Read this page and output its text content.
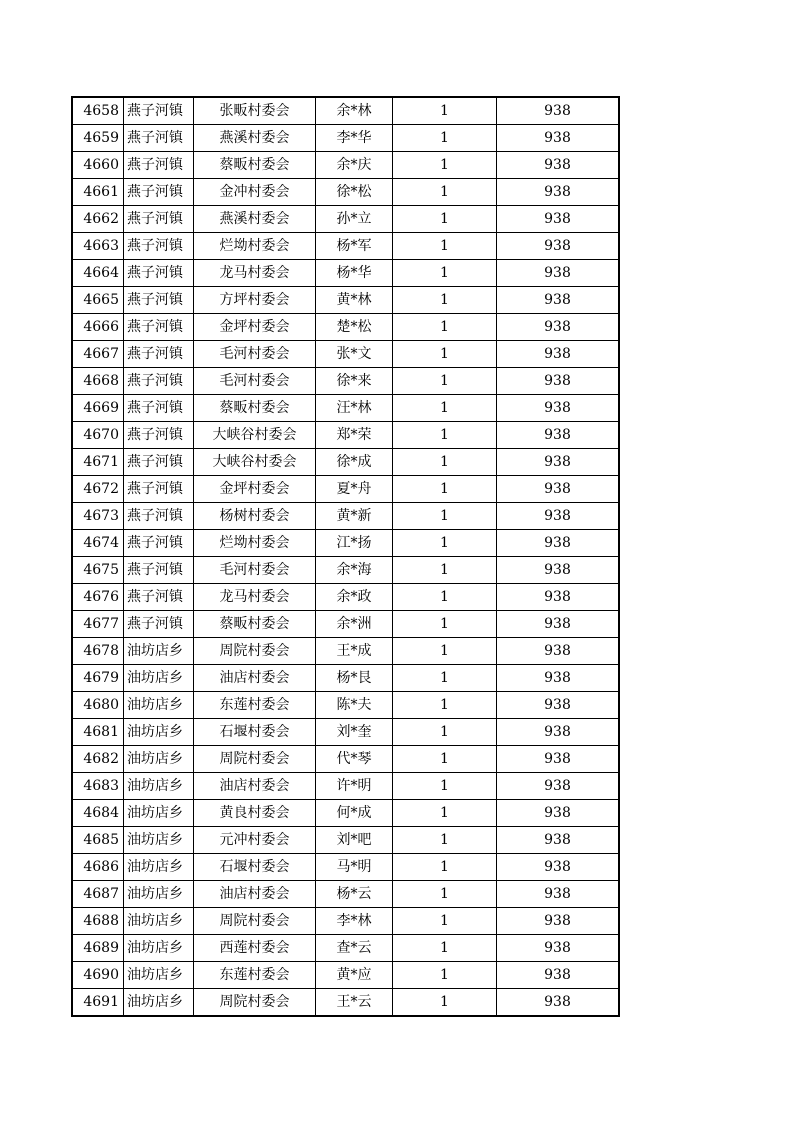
4658	燕子河镇	张畈村委会	余*林	1	938
4659	燕子河镇	燕溪村委会	李*华	1	938
4660	燕子河镇	蔡畈村委会	余*庆	1	938
4661	燕子河镇	金冲村委会	徐*松	1	938
4662	燕子河镇	燕溪村委会	孙*立	1	938
4663	燕子河镇	烂坳村委会	杨*军	1	938
4664	燕子河镇	龙马村委会	杨*华	1	938
4665	燕子河镇	方坪村委会	黄*林	1	938
4666	燕子河镇	金坪村委会	楚*松	1	938
4667	燕子河镇	毛河村委会	张*文	1	938
4668	燕子河镇	毛河村委会	徐*来	1	938
4669	燕子河镇	蔡畈村委会	汪*林	1	938
4670	燕子河镇	大峡谷村委会	郑*荣	1	938
4671	燕子河镇	大峡谷村委会	徐*成	1	938
4672	燕子河镇	金坪村委会	夏*舟	1	938
4673	燕子河镇	杨树村委会	黄*新	1	938
4674	燕子河镇	烂坳村委会	江*扬	1	938
4675	燕子河镇	毛河村委会	余*海	1	938
4676	燕子河镇	龙马村委会	余*政	1	938
4677	燕子河镇	蔡畈村委会	余*洲	1	938
4678	油坊店乡	周院村委会	王*成	1	938
4679	油坊店乡	油店村委会	杨*艮	1	938
4680	油坊店乡	东莲村委会	陈*夫	1	938
4681	油坊店乡	石堰村委会	刘*奎	1	938
4682	油坊店乡	周院村委会	代*琴	1	938
4683	油坊店乡	油店村委会	许*明	1	938
4684	油坊店乡	黄良村委会	何*成	1	938
4685	油坊店乡	元冲村委会	刘*吧	1	938
4686	油坊店乡	石堰村委会	马*明	1	938
4687	油坊店乡	油店村委会	杨*云	1	938
4688	油坊店乡	周院村委会	李*林	1	938
4689	油坊店乡	西莲村委会	查*云	1	938
4690	油坊店乡	东莲村委会	黄*应	1	938
4691	油坊店乡	周院村委会	王*云	1	938
